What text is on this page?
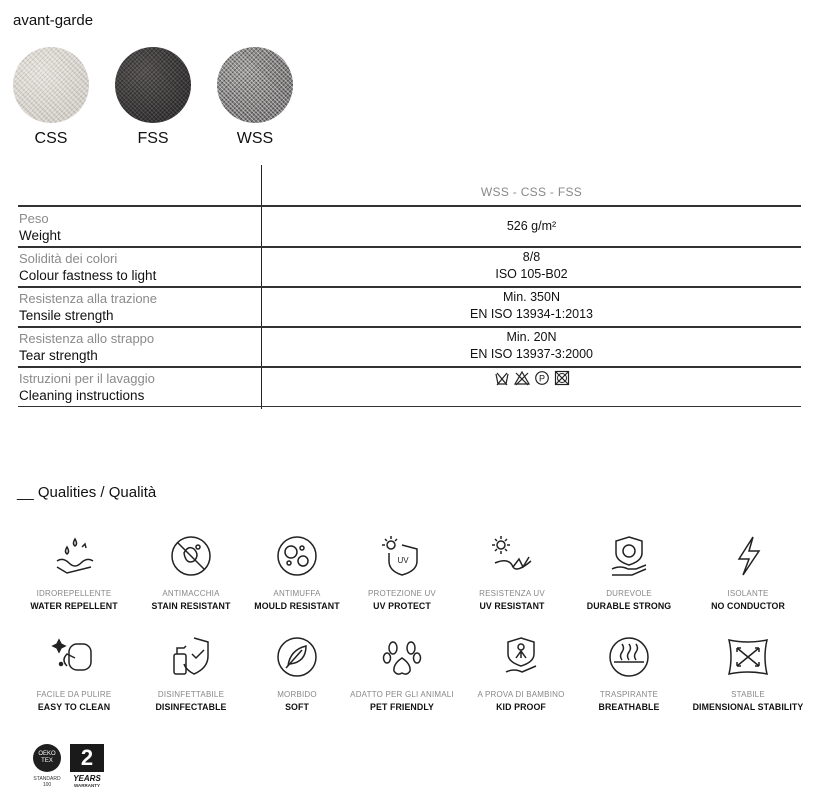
avant-garde
CSS	FSS	WSS
WSS - CSS - FSS
Peso
Weight
526 g/m²
Solidità dei colori
Colour fastness to light
8/8
ISO 105-B02
Resistenza alla trazione
Tensile strength
Min. 350N
EN ISO 13934-1:2013
Resistenza allo strappo
Tear strength
Min. 20N
EN ISO 13937-3:2000
Istruzioni per il lavaggio
Cleaning instructions
P
__ Qualities / Qualità
IDROREPELLENTE
WATER REPELLENT
ANTIMACCHIA
STAIN RESISTANT
ANTIMUFFA
MOULD RESISTANT
UV
PROTEZIONE UV
UV PROTECT
RESISTENZA UV
UV RESISTANT
DUREVOLE
DURABLE STRONG
ISOLANTE
NO CONDUCTOR
FACILE DA PULIRE
EASY TO CLEAN
DISINFETTABILE
DISINFECTABLE
MORBIDO
SOFT
ADATTO PER GLI ANIMALI
PET FRIENDLY
A PROVA DI BAMBINO
KID PROOF
TRASPIRANTE
BREATHABLE
STABILE
DIMENSIONAL STABILITY
OEKO TEX
STANDARD 100
2
YEARS
WARRANTY
